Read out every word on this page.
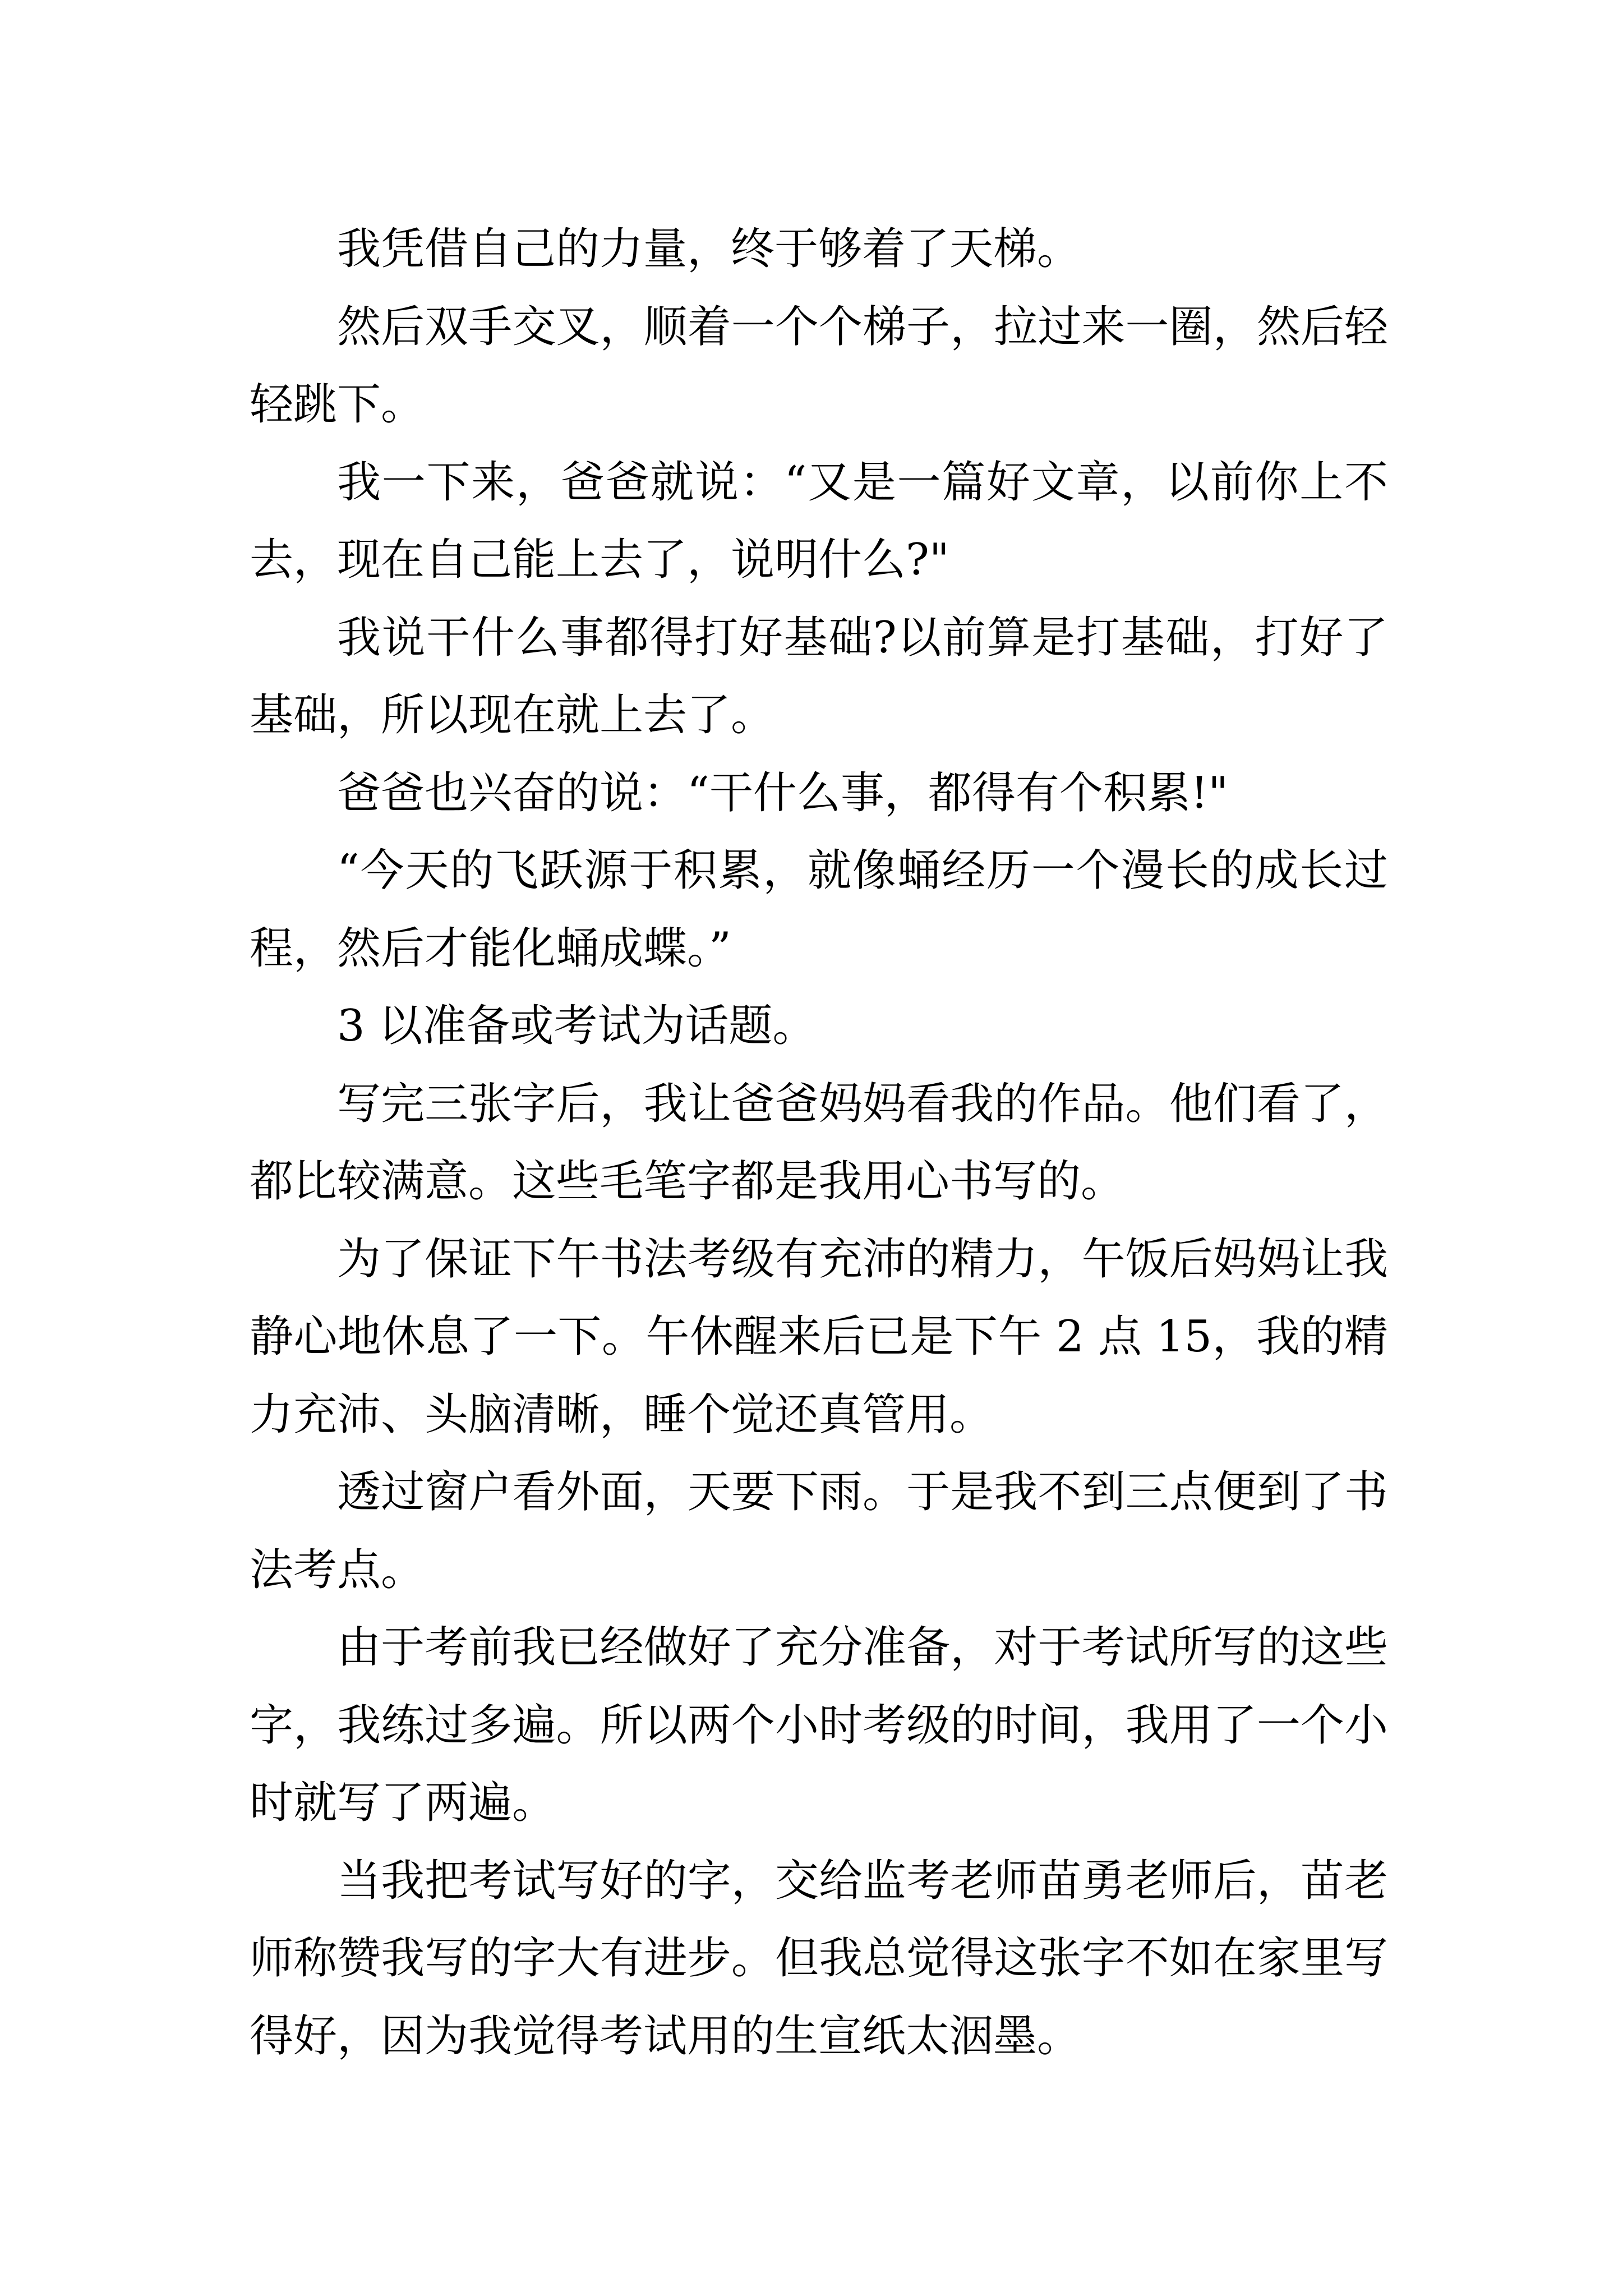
我凭借自己的力量，终于够着了天梯。

然后双手交叉，顺着一个个梯子，拉过来一圈，然后轻轻跳下。

我一下来，爸爸就说：“又是一篇好文章，以前你上不去，现在自己能上去了，说明什么?"

我说干什么事都得打好基础?以前算是打基础，打好了基础，所以现在就上去了。

爸爸也兴奋的说：“干什么事，都得有个积累!"

“今天的飞跃源于积累，就像蛹经历一个漫长的成长过程，然后才能化蛹成蝶。”

3 以准备或考试为话题。

写完三张字后，我让爸爸妈妈看我的作品。他们看了，都比较满意。这些毛笔字都是我用心书写的。

为了保证下午书法考级有充沛的精力，午饭后妈妈让我静心地休息了一下。午休醒来后已是下午 2 点 15，我的精力充沛、头脑清晰，睡个觉还真管用。

透过窗户看外面，天要下雨。于是我不到三点便到了书法考点。

由于考前我已经做好了充分准备，对于考试所写的这些字，我练过多遍。所以两个小时考级的时间，我用了一个小时就写了两遍。

当我把考试写好的字，交给监考老师苗勇老师后，苗老师称赞我写的字大有进步。但我总觉得这张字不如在家里写得好，因为我觉得考试用的生宣纸太洇墨。
